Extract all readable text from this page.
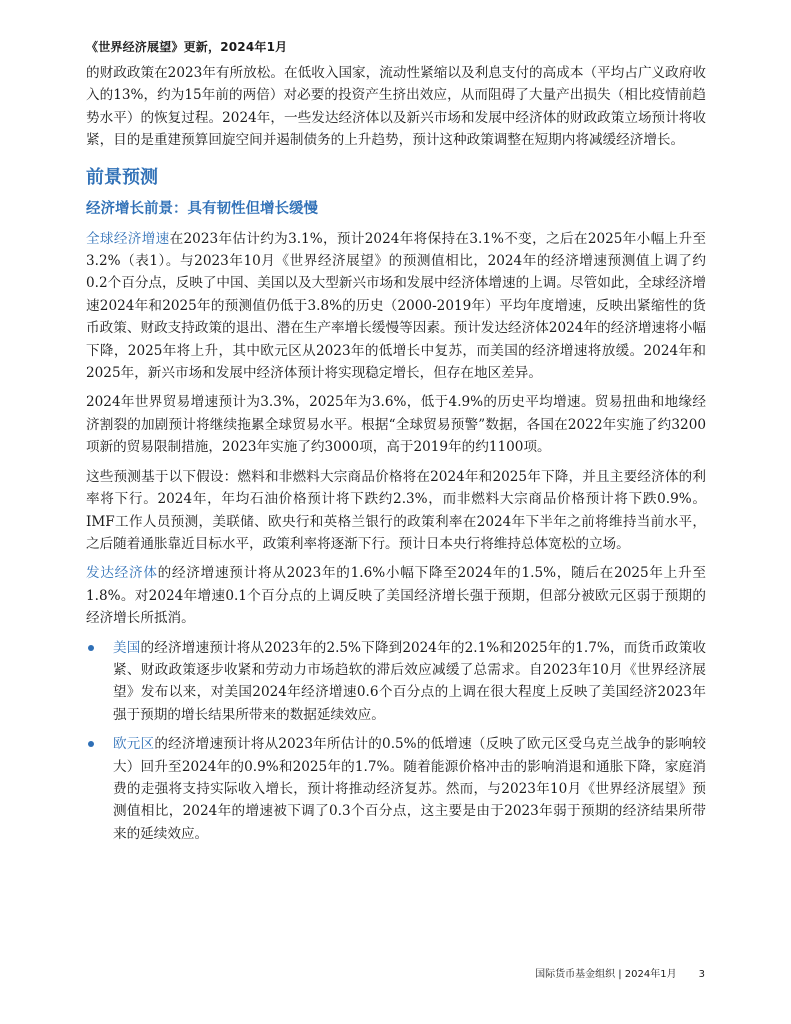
《世界经济展望》更新，2024年1月

的财政政策在2023年有所放松。在低收入国家，流动性紧缩以及利息支付的高成本（平均占广义政府收入的13%，约为15年前的两倍）对必要的投资产生挤出效应，从而阻碍了大量产出损失（相比疫情前趋势水平）的恢复过程。2024年，一些发达经济体以及新兴市场和发展中经济体的财政政策立场预计将收紧，目的是重建预算回旋空间并遏制债务的上升趋势，预计这种政策调整在短期内将减缓经济增长。

前景预测
经济增长前景：具有韧性但增长缓慢

全球经济增速在2023年估计约为3.1%，预计2024年将保持在3.1%不变，之后在2025年小幅上升至3.2%（表1）。与2023年10月《世界经济展望》的预测值相比，2024年的经济增速预测值上调了约0.2个百分点，反映了中国、美国以及大型新兴市场和发展中经济体增速的上调。尽管如此，全球经济增速2024年和2025年的预测值仍低于3.8%的历史（2000-2019年）平均年度增速，反映出紧缩性的货币政策、财政支持政策的退出、潜在生产率增长缓慢等因素。预计发达经济体2024年的经济增速将小幅下降，2025年将上升，其中欧元区从2023年的低增长中复苏，而美国的经济增速将放缓。2024年和2025年，新兴市场和发展中经济体预计将实现稳定增长，但存在地区差异。

2024年世界贸易增速预计为3.3%，2025年为3.6%，低于4.9%的历史平均增速。贸易扭曲和地缘经济割裂的加剧预计将继续拖累全球贸易水平。根据“全球贸易预警”数据，各国在2022年实施了约3200项新的贸易限制措施，2023年实施了约3000项，高于2019年的约1100项。

这些预测基于以下假设：燃料和非燃料大宗商品价格将在2024年和2025年下降，并且主要经济体的利率将下行。2024年，年均石油价格预计将下跌约2.3%，而非燃料大宗商品价格预计将下跌0.9%。IMF工作人员预测，美联储、欧央行和英格兰银行的政策利率在2024年下半年之前将维持当前水平，之后随着通胀靠近目标水平，政策利率将逐渐下行。预计日本央行将维持总体宽松的立场。

发达经济体的经济增速预计将从2023年的1.6%小幅下降至2024年的1.5%，随后在2025年上升至1.8%。对2024年增速0.1个百分点的上调反映了美国经济增长强于预期，但部分被欧元区弱于预期的经济增长所抵消。

美国的经济增速预计将从2023年的2.5%下降到2024年的2.1%和2025年的1.7%，而货币政策收紧、财政政策逐步收紧和劳动力市场趋软的滞后效应减缓了总需求。自2023年10月《世界经济展望》发布以来，对美国2024年经济增速0.6个百分点的上调在很大程度上反映了美国经济2023年强于预期的增长结果所带来的数据延续效应。

欧元区的经济增速预计将从2023年所估计的0.5%的低增速（反映了欧元区受乌克兰战争的影响较大）回升至2024年的0.9%和2025年的1.7%。随着能源价格冲击的影响消退和通胀下降，家庭消费的走强将支持实际收入增长，预计将推动经济复苏。然而，与2023年10月《世界经济展望》预测值相比，2024年的增速被下调了0.3个百分点，这主要是由于2023年弱于预期的经济结果所带来的延续效应。

国际货币基金组织 | 2024年1月 3
